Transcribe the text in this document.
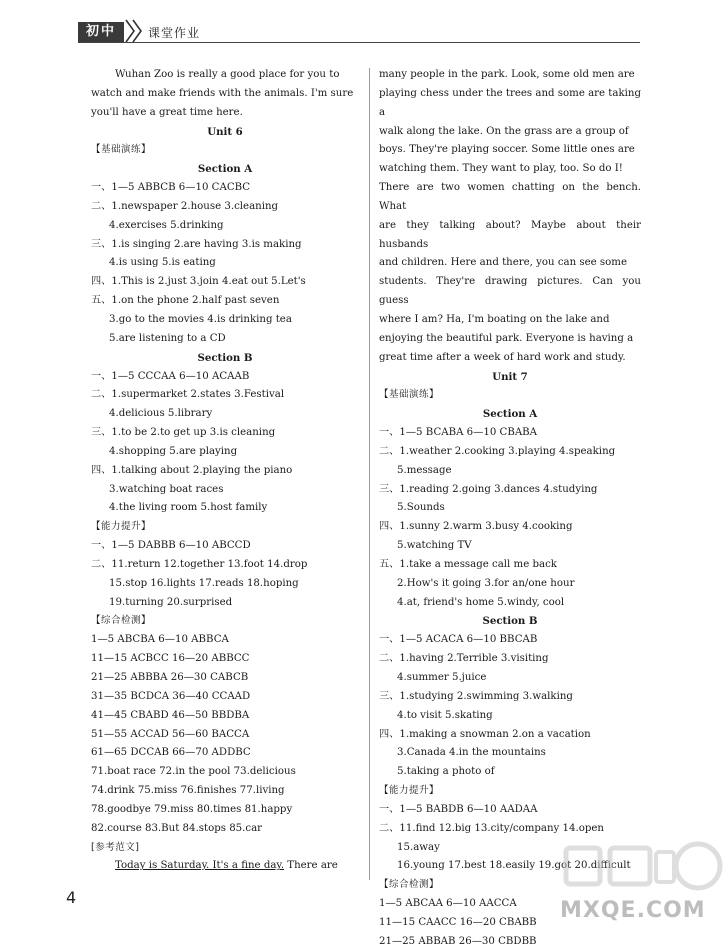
初中	课堂作业
Wuhan Zoo is really a good place for you to
watch and make friends with the animals. I'm sure
you'll have a great time here.
Unit 6
【基础演练】
Section A
一、1—5 ABBCB 6—10 CACBC
二、1.newspaper 2.house 3.cleaning
4.exercises 5.drinking
三、1.is singing 2.are having 3.is making
4.is using 5.is eating
四、1.This is 2.just 3.join 4.eat out 5.Let's
五、1.on the phone 2.half past seven
3.go to the movies 4.is drinking tea
5.are listening to a CD
Section B
一、1—5 CCCAA 6—10 ACAAB
二、1.supermarket 2.states 3.Festival
4.delicious 5.library
三、1.to be 2.to get up 3.is cleaning
4.shopping 5.are playing
四、1.talking about 2.playing the piano
3.watching boat races
4.the living room 5.host family
【能力提升】
一、1—5 DABBB 6—10 ABCCD
二、11.return 12.together 13.foot 14.drop
15.stop 16.lights 17.reads 18.hoping
19.turning 20.surprised
【综合检测】
1—5 ABCBA 6—10 ABBCA
11—15 ACBCC 16—20 ABBCC
21—25 ABBBA 26—30 CABCB
31—35 BCDCA 36—40 CCAAD
41—45 CBABD 46—50 BBDBA
51—55 ACCAD 56—60 BACCA
61—65 DCCAB 66—70 ADDBC
71.boat race 72.in the pool 73.delicious
74.drink 75.miss 76.finishes 77.living
78.goodbye 79.miss 80.times 81.happy
82.course 83.But 84.stops 85.car
[参考范文]
Today is Saturday. It's a fine day. There are
many people in the park. Look, some old men are
playing chess under the trees and some are taking a
walk along the lake. On the grass are a group of
boys. They're playing soccer. Some little ones are
watching them. They want to play, too. So do I!
There are two women chatting on the bench. What
are they talking about? Maybe about their husbands
and children. Here and there, you can see some
students. They're drawing pictures. Can you guess
where I am? Ha, I'm boating on the lake and
enjoying the beautiful park. Everyone is having a
great time after a week of hard work and study.
Unit 7
【基础演练】
Section A
一、1—5 BCABA 6—10 CBABA
二、1.weather 2.cooking 3.playing 4.speaking
5.message
三、1.reading 2.going 3.dances 4.studying
5.Sounds
四、1.sunny 2.warm 3.busy 4.cooking
5.watching TV
五、1.take a message call me back
2.How's it going 3.for an/one hour
4.at, friend's home 5.windy, cool
Section B
一、1—5 ACACA 6—10 BBCAB
二、1.having 2.Terrible 3.visiting
4.summer 5.juice
三、1.studying 2.swimming 3.walking
4.to visit 5.skating
四、1.making a snowman 2.on a vacation
3.Canada 4.in the mountains
5.taking a photo of
【能力提升】
一、1—5 BABDB 6—10 AADAA
二、11.find 12.big 13.city/company 14.open
15.away
16.young 17.best 18.easily 19.got 20.difficult
【综合检测】
1—5 ABCAA 6—10 AACCA
11—15 CAACC 16—20 CBABB
21—25 ABBAB 26—30 CBDBB
4
MXQE.COM
